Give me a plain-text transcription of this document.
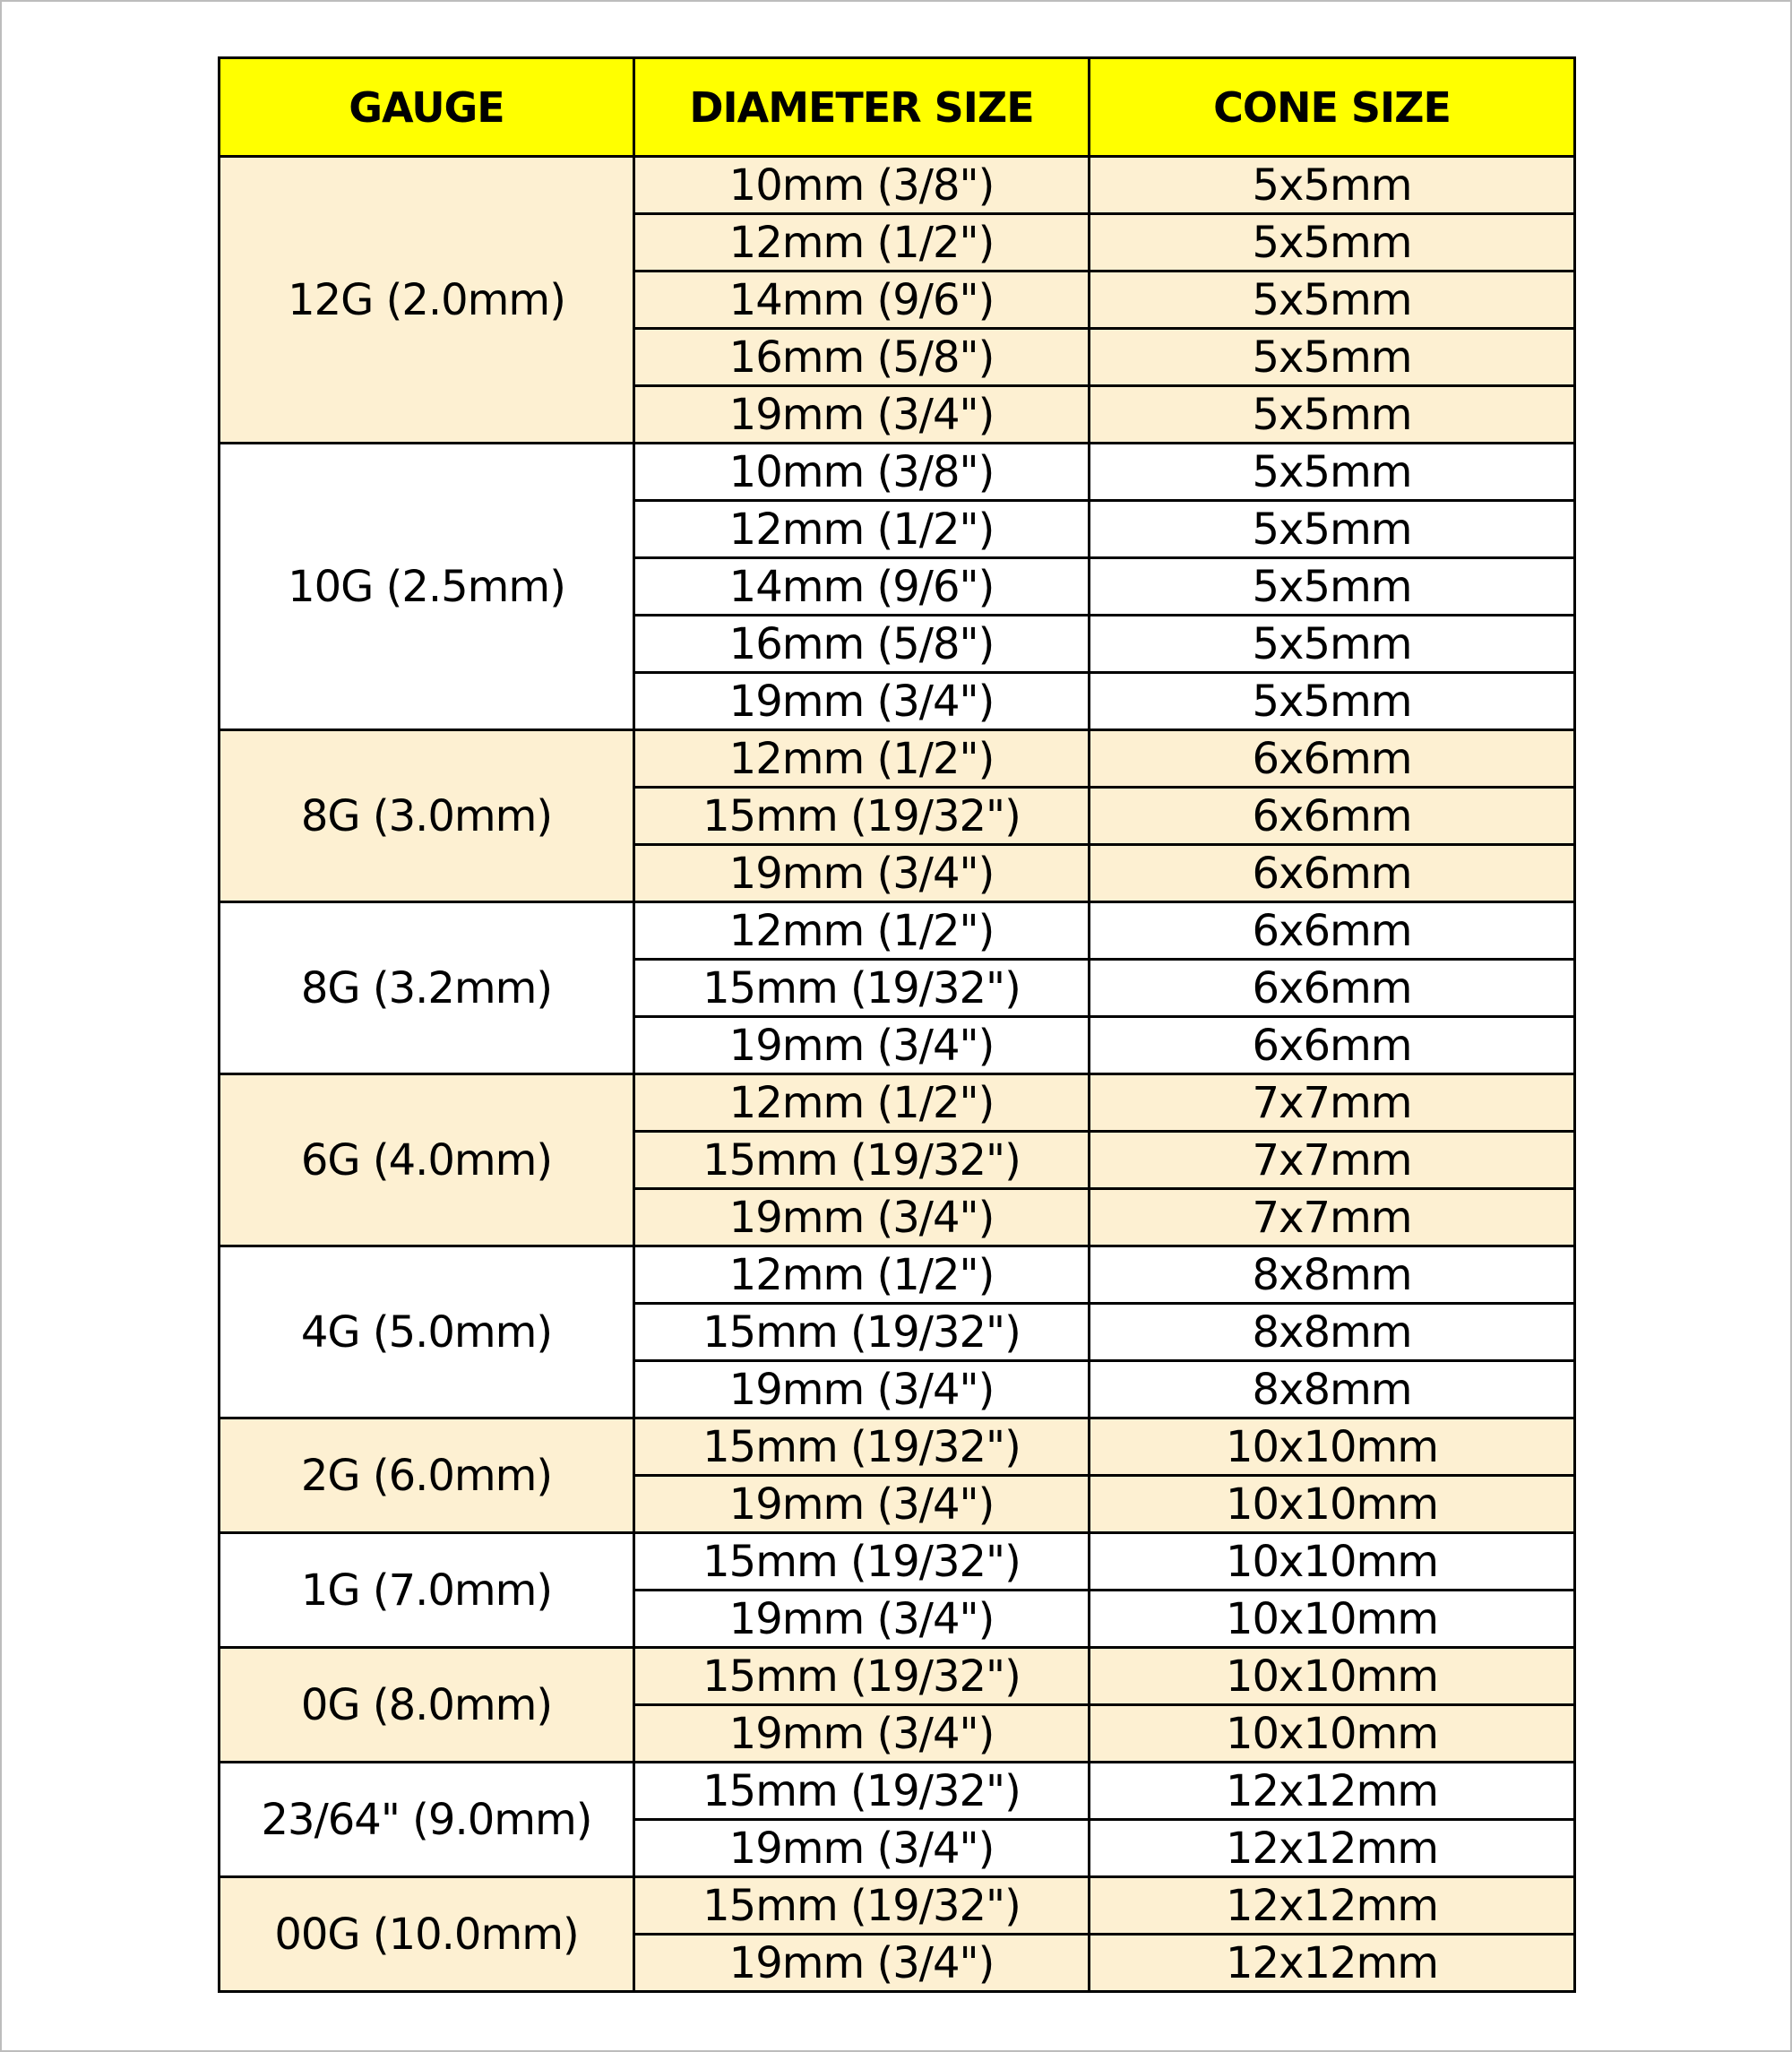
GAUGE	DIAMETER SIZE	CONE SIZE
12G (2.0mm)	10mm (3/8")	5x5mm
	12mm (1/2")	5x5mm
	14mm (9/6")	5x5mm
	16mm (5/8")	5x5mm
	19mm (3/4")	5x5mm
10G (2.5mm)	10mm (3/8")	5x5mm
	12mm (1/2")	5x5mm
	14mm (9/6")	5x5mm
	16mm (5/8")	5x5mm
	19mm (3/4")	5x5mm
8G (3.0mm)	12mm (1/2")	6x6mm
	15mm (19/32")	6x6mm
	19mm (3/4")	6x6mm
8G (3.2mm)	12mm (1/2")	6x6mm
	15mm (19/32")	6x6mm
	19mm (3/4")	6x6mm
6G (4.0mm)	12mm (1/2")	7x7mm
	15mm (19/32")	7x7mm
	19mm (3/4")	7x7mm
4G (5.0mm)	12mm (1/2")	8x8mm
	15mm (19/32")	8x8mm
	19mm (3/4")	8x8mm
2G (6.0mm)	15mm (19/32")	10x10mm
	19mm (3/4")	10x10mm
1G (7.0mm)	15mm (19/32")	10x10mm
	19mm (3/4")	10x10mm
0G (8.0mm)	15mm (19/32")	10x10mm
	19mm (3/4")	10x10mm
23/64" (9.0mm)	15mm (19/32")	12x12mm
	19mm (3/4")	12x12mm
00G (10.0mm)	15mm (19/32")	12x12mm
	19mm (3/4")	12x12mm
